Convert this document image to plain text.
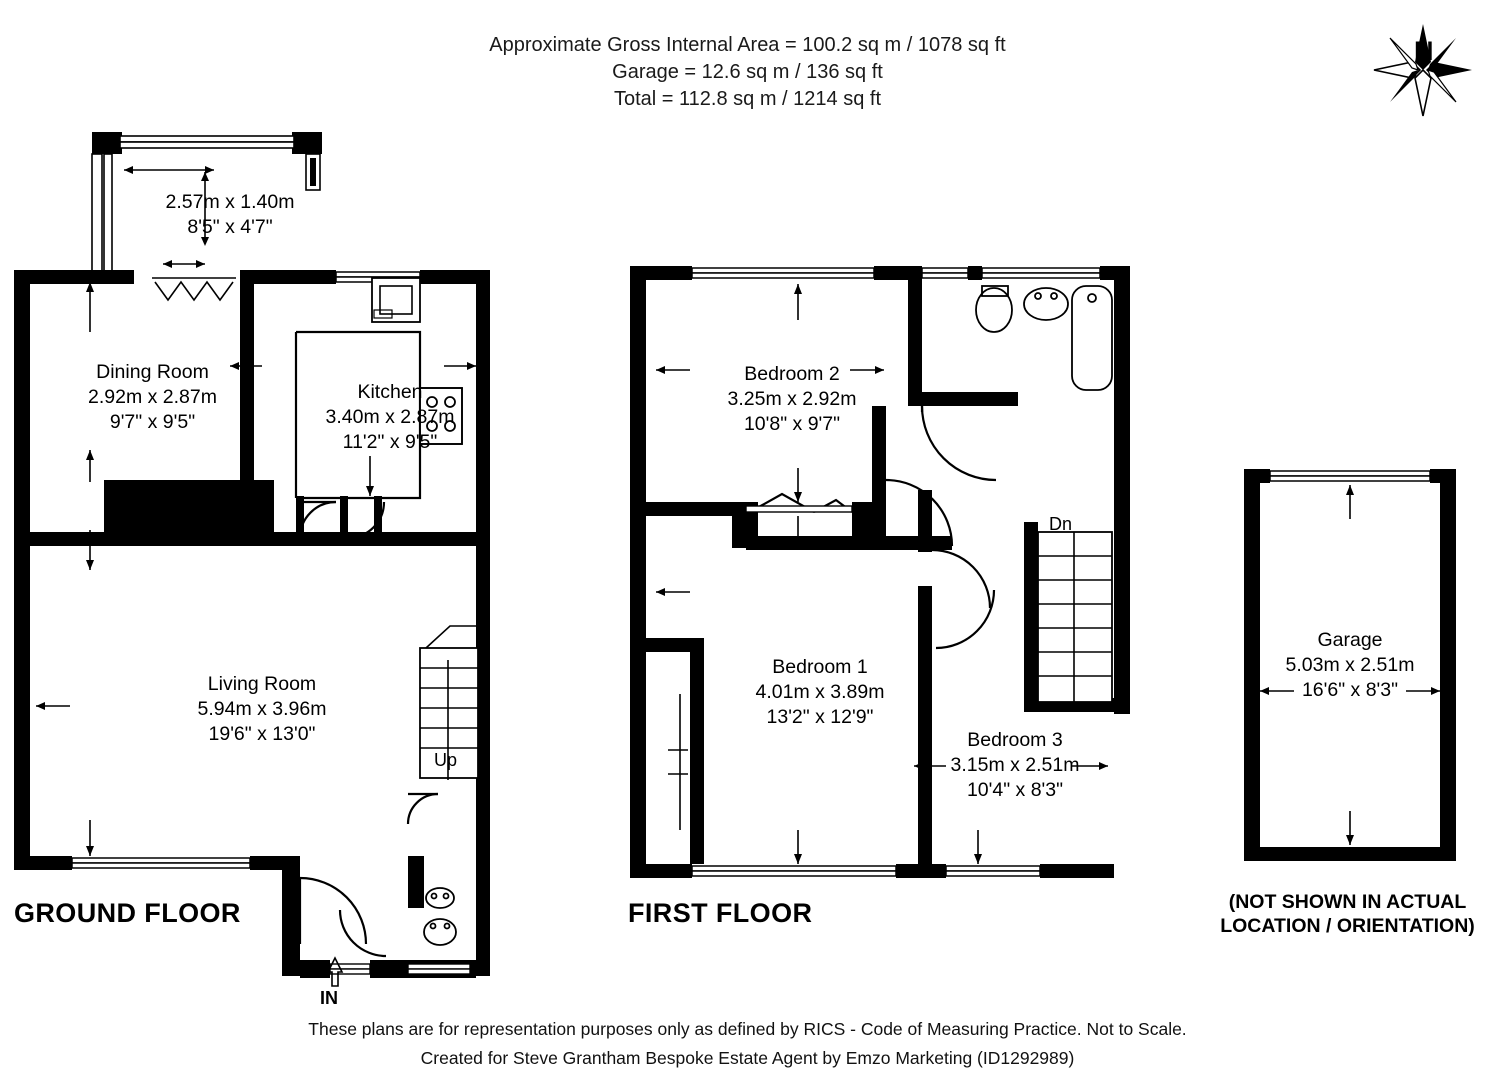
Approximate Gross Internal Area = 100.2 sq m / 1078 sq ft
Garage = 12.6 sq m / 136 sq ft
Total = 112.8 sq m / 1214 sq ft
N
2.57m x 1.40m
8'5" x 4'7"
Dining Room
2.92m x 2.87m
9'7" x 9'5"
Kitchen
3.40m x 2.87m
11'2" x 9'5"
Living Room
5.94m x 3.96m
19'6" x 13'0"
Up
IN
GROUND FLOOR
Bedroom 2
3.25m x 2.92m
10'8" x 9'7"
Bedroom 1
4.01m x 3.89m
13'2" x 12'9"
Bedroom 3
3.15m x 2.51m
10'4" x 8'3"
Dn
FIRST FLOOR
Garage
5.03m x 2.51m
16'6" x 8'3"
(NOT SHOWN IN ACTUAL
LOCATION / ORIENTATION)
These plans are for representation purposes only as defined by RICS - Code of Measuring Practice. Not to Scale.
Created for Steve Grantham Bespoke Estate Agent by Emzo Marketing (ID1292989)
